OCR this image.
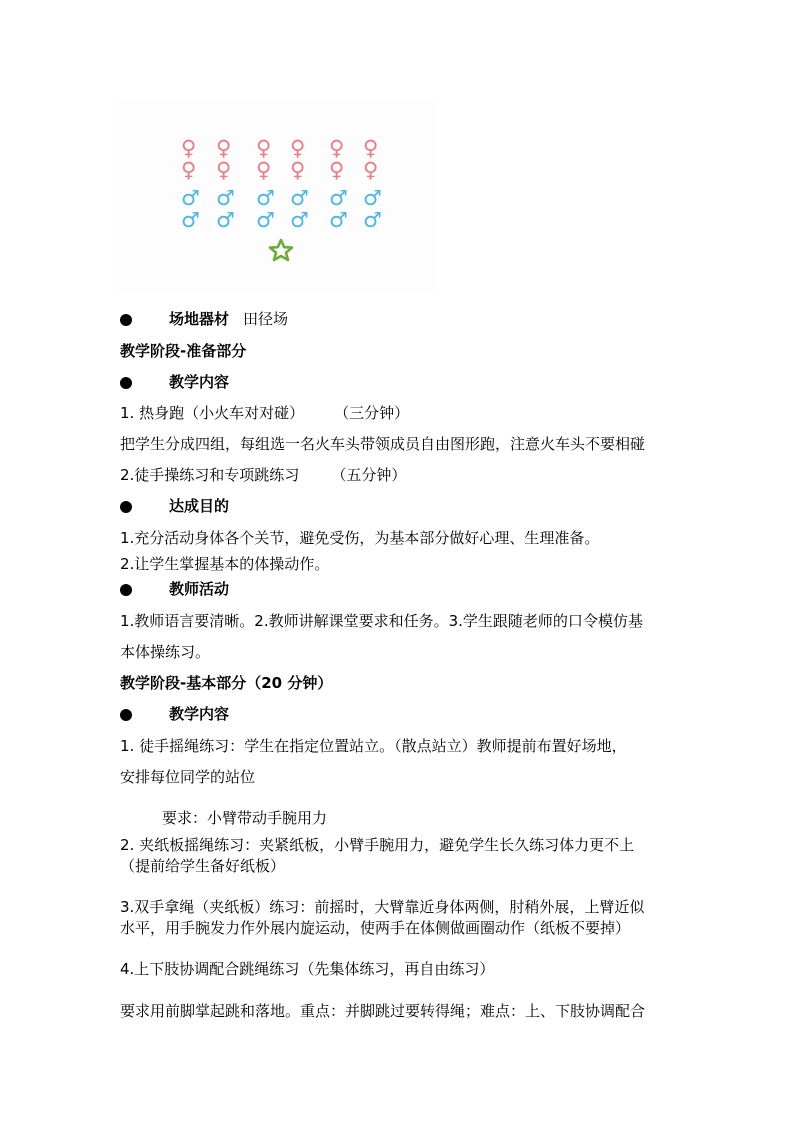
♀ ♀ ♀ ♀ ♀ ♀
♀ ♀ ♀ ♀ ♀ ♀
♂ ♂ ♂ ♂ ♂ ♂
♂ ♂ ♂ ♂ ♂ ♂
场地器材 田径场
教学阶段-准备部分
教学内容
1. 热身跑（小火车对对碰） （三分钟）
把学生分成四组，每组选一名火车头带领成员自由图形跑，注意火车头不要相碰
2.徒手操练习和专项跳练习 （五分钟）
达成目的
1.充分活动身体各个关节，避免受伤，为基本部分做好心理、生理准备。
2.让学生掌握基本的体操动作。
教师活动
1.教师语言要清晰。2.教师讲解课堂要求和任务。3.学生跟随老师的口令模仿基
本体操练习。
教学阶段-基本部分（20 分钟）
教学内容
1. 徒手摇绳练习：学生在指定位置站立。（散点站立）教师提前布置好场地，
安排每位同学的站位
要求：小臂带动手腕用力
2. 夹纸板摇绳练习：夹紧纸板，小臂手腕用力，避免学生长久练习体力更不上
（提前给学生备好纸板）
3.双手拿绳（夹纸板）练习：前摇时，大臂靠近身体两侧，肘稍外展，上臂近似
水平，用手腕发力作外展内旋运动，使两手在体侧做画圈动作（纸板不要掉）
4.上下肢协调配合跳绳练习（先集体练习，再自由练习）
要求用前脚掌起跳和落地。重点：并脚跳过要转得绳；难点：上、下肢协调配合
